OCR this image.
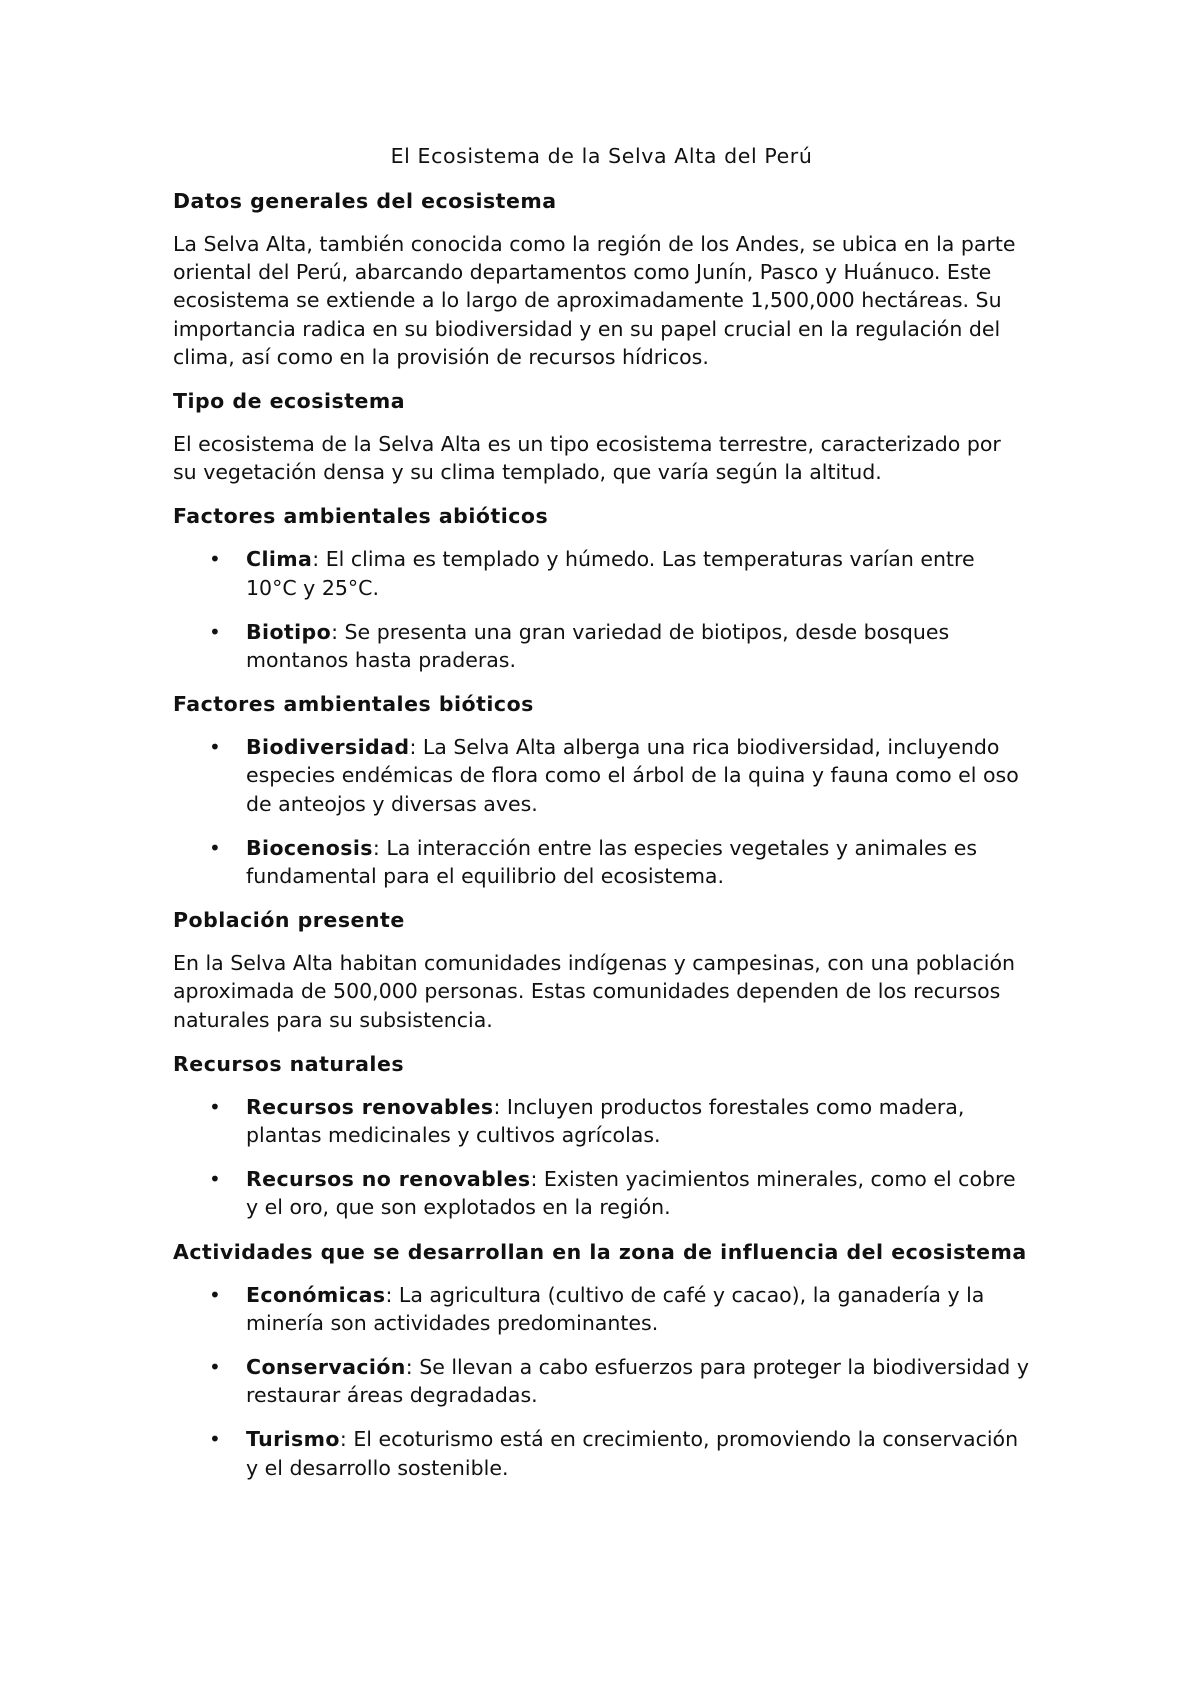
El Ecosistema de la Selva Alta del Perú
Datos generales del ecosistema

La Selva Alta, también conocida como la región de los Andes, se ubica en la parte oriental del Perú, abarcando departamentos como Junín, Pasco y Huánuco. Este ecosistema se extiende a lo largo de aproximadamente 1,500,000 hectáreas. Su importancia radica en su biodiversidad y en su papel crucial en la regulación del clima, así como en la provisión de recursos hídricos.

Tipo de ecosistema

El ecosistema de la Selva Alta es un tipo ecosistema terrestre, caracterizado por su vegetación densa y su clima templado, que varía según la altitud.

Factores ambientales abióticos
• Clima: El clima es templado y húmedo. Las temperaturas varían entre 10°C y 25°C.
• Biotipo: Se presenta una gran variedad de biotipos, desde bosques montanos hasta praderas.
Factores ambientales bióticos
• Biodiversidad: La Selva Alta alberga una rica biodiversidad, incluyendo especies endémicas de flora como el árbol de la quina y fauna como el oso de anteojos y diversas aves.
• Biocenosis: La interacción entre las especies vegetales y animales es fundamental para el equilibrio del ecosistema.
Población presente

En la Selva Alta habitan comunidades indígenas y campesinas, con una población aproximada de 500,000 personas. Estas comunidades dependen de los recursos naturales para su subsistencia.

Recursos naturales
• Recursos renovables: Incluyen productos forestales como madera, plantas medicinales y cultivos agrícolas.
• Recursos no renovables: Existen yacimientos minerales, como el cobre y el oro, que son explotados en la región.
Actividades que se desarrollan en la zona de influencia del ecosistema
• Económicas: La agricultura (cultivo de café y cacao), la ganadería y la minería son actividades predominantes.
• Conservación: Se llevan a cabo esfuerzos para proteger la biodiversidad y restaurar áreas degradadas.
• Turismo: El ecoturismo está en crecimiento, promoviendo la conservación y el desarrollo sostenible.
